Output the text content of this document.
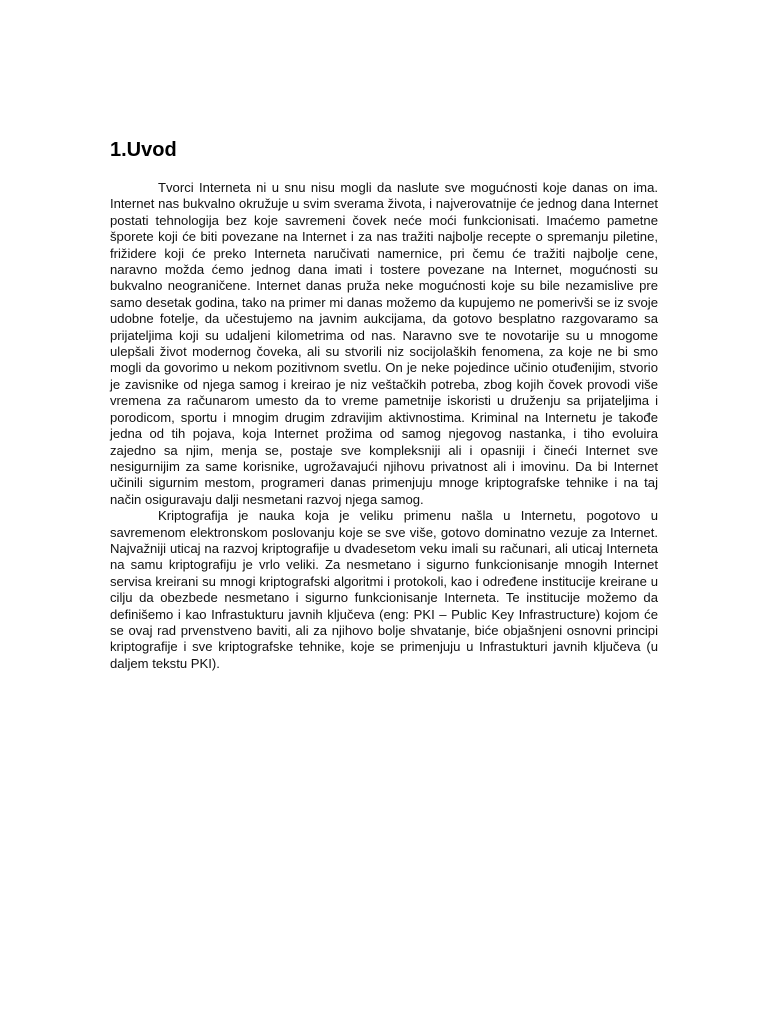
1.Uvod

Tvorci Interneta ni u snu nisu mogli da naslute sve mogućnosti koje danas on ima. Internet nas bukvalno okružuje u svim sverama života, i najverovatnije će jednog dana Internet postati tehnologija bez koje savremeni čovek neće moći funkcionisati. Imaćemo pametne šporete koji će biti povezane na Internet i za nas tražiti najbolje recepte o spremanju piletine, frižidere koji će preko Interneta naručivati namernice, pri čemu će tražiti najbolje cene, naravno možda ćemo jednog dana imati i tostere povezane na Internet, mogućnosti su bukvalno neograničene. Internet danas pruža neke mogućnosti koje su bile nezamislive pre samo desetak godina, tako na primer mi danas možemo da kupujemo ne pomerivši se iz svoje udobne fotelje, da učestujemo na javnim aukcijama, da gotovo besplatno razgovaramo sa prijateljima koji su udaljeni kilometrima od nas. Naravno sve te novotarije su u mnogome ulepšali život modernog čoveka, ali su stvorili niz socijolaških fenomena, za koje ne bi smo mogli da govorimo u nekom pozitivnom svetlu. On je neke pojedince učinio otuđenijim, stvorio je zavisnike od njega samog i kreirao je niz veštačkih potreba, zbog kojih čovek provodi više vremena za računarom umesto da to vreme pametnije iskoristi u druženju sa prijateljima i porodicom, sportu i mnogim drugim zdravijim aktivnostima. Kriminal na Internetu je takođe jedna od tih pojava, koja Internet prožima od samog njegovog nastanka, i tiho evoluira zajedno sa njim, menja se, postaje sve kompleksniji ali i opasniji i čineći Internet sve nesigurnijim za same korisnike, ugrožavajući njihovu privatnost ali i imovinu. Da bi Internet učinili sigurnim mestom, programeri danas primenjuju mnoge kriptografske tehnike i na taj način osiguravaju dalji nesmetani razvoj njega samog.

Kriptografija je nauka koja je veliku primenu našla u Internetu, pogotovo u savremenom elektronskom poslovanju koje se sve više, gotovo dominatno vezuje za Internet. Najvažniji uticaj na razvoj kriptografije u dvadesetom veku imali su računari, ali uticaj Interneta na samu kriptografiju je vrlo veliki. Za nesmetano i sigurno funkcionisanje mnogih Internet servisa kreirani su mnogi kriptografski algoritmi i protokoli, kao i određene institucije kreirane u cilju da obezbede nesmetano i sigurno funkcionisanje Interneta. Te institucije možemo da definišemo i kao Infrastukturu javnih ključeva (eng: PKI – Public Key Infrastructure) kojom će se ovaj rad prvenstveno baviti, ali za njihovo bolje shvatanje, biće objašnjeni osnovni principi kriptografije i sve kriptografske tehnike, koje se primenjuju u Infrastukturi javnih ključeva (u daljem tekstu PKI).
